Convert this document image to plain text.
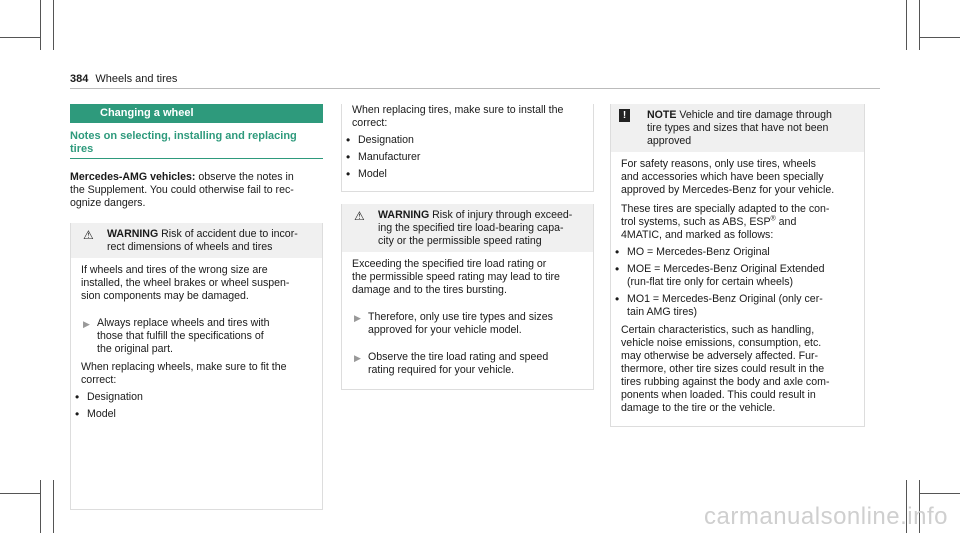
384 Wheels and tires
Changing a wheel

Notes on selecting, installing and replacing

tires

Mercedes-AMG vehicles: observe the notes in

the Supplement. You could otherwise fail to rec-

ognize dangers.

⚠ WARNING Risk of accident due to incor-

rect dimensions of wheels and tires

If wheels and tires of the wrong size are

installed, the wheel brakes or wheel suspen-

sion components may be damaged.

▶ Always replace wheels and tires with

those that fulfill the specifications of

the original part.

When replacing wheels, make sure to fit the

correct:

• Designation
• Model

When replacing tires, make sure to install the

correct:

• Designation
• Manufacturer
• Model
⚠ WARNING Risk of injury through exceed-

ing the specified tire load-bearing capa-

city or the permissible speed rating

Exceeding the specified tire load rating or

the permissible speed rating may lead to tire

damage and to the tires bursting.

▶ Therefore, only use tire types and sizes

approved for your vehicle model.

▶ Observe the tire load rating and speed

rating required for your vehicle.

!	NOTE Vehicle and tire damage through

tire types and sizes that have not been

approved

For safety reasons, only use tires, wheels

and accessories which have been specially

approved by Mercedes-Benz for your vehicle.

These tires are specially adapted to the con-

trol systems, such as ABS, ESP® and

4MATIC, and marked as follows:

• MO = Mercedes-Benz Original

• MOE = Mercedes-Benz Original Extended

(run-flat tire only for certain wheels)

• MO1 = Mercedes-Benz Original (only cer-

tain AMG tires)

Certain characteristics, such as handling,

vehicle noise emissions, consumption, etc.

may otherwise be adversely affected. Fur-

thermore, other tire sizes could result in the

tires rubbing against the body and axle com-

ponents when loaded. This could result in

damage to the tire or the vehicle.

carmanualsonline.info
